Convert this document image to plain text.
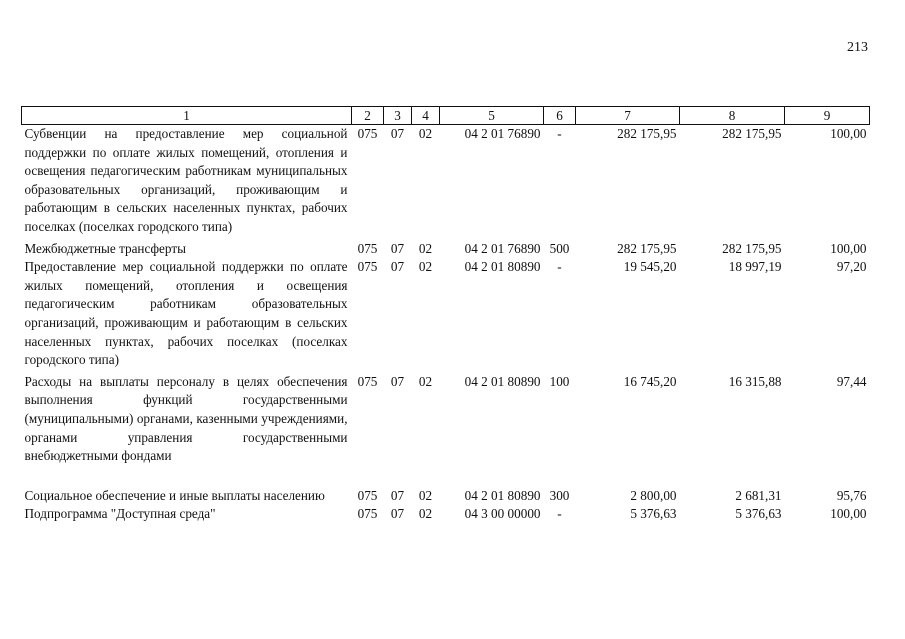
213
1	2	3	4	5	6	7	8	9
Субвенции на предоставление мер социальной поддержки по оплате жилых помещений, отопления и освещения педагогическим работникам муниципальных образовательных организаций, проживающим и работающим в сельских населенных пунктах, рабочих поселках (поселках городского типа)	075	07	02	04 2 01 76890	-	282 175,95	282 175,95	100,00
Межбюджетные трансферты	075	07	02	04 2 01 76890	500	282 175,95	282 175,95	100,00
Предоставление мер социальной поддержки по оплате жилых помещений, отопления и освещения педагогическим работникам образовательных организаций, проживающим и работающим в сельских населенных пунктах, рабочих поселках (поселках городского типа)	075	07	02	04 2 01 80890	-	19 545,20	18 997,19	97,20
Расходы на выплаты персоналу в целях обеспечения выполнения функций государственными (муниципальными) органами, казенными учреждениями, органами управления государственными внебюджетными фондами	075	07	02	04 2 01 80890	100	16 745,20	16 315,88	97,44
Социальное обеспечение и иные выплаты населению	075	07	02	04 2 01 80890	300	2 800,00	2 681,31	95,76
Подпрограмма "Доступная среда"	075	07	02	04 3 00 00000	-	5 376,63	5 376,63	100,00
